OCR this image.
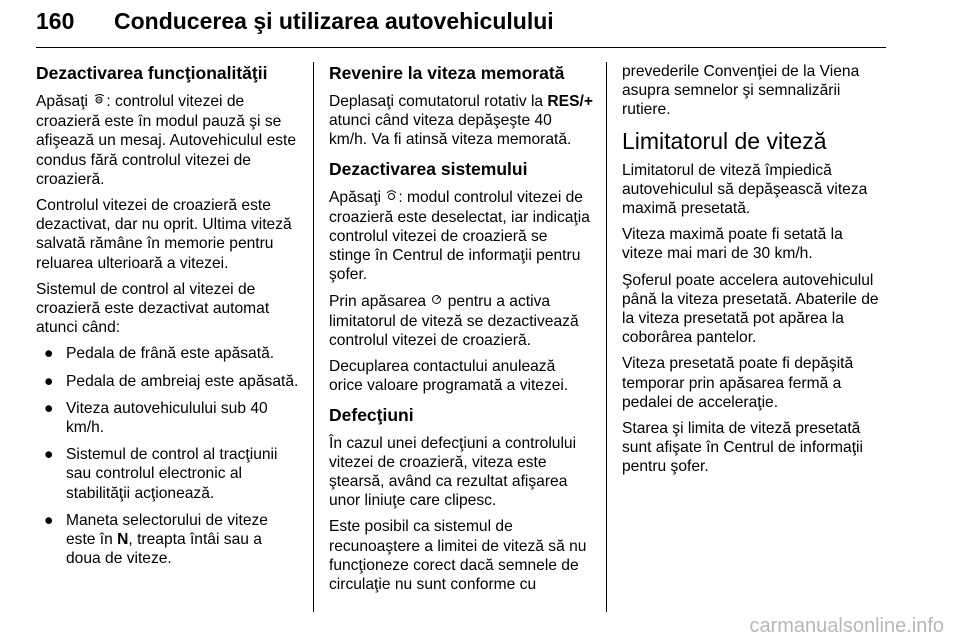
160 Conducerea şi utilizarea autovehiculului
Dezactivarea funcţionalităţii

Apăsaţi : controlul vitezei de croazieră este în modul pauză şi se afişează un mesaj. Autovehiculul este condus fără controlul vitezei de croazieră.

Controlul vitezei de croazieră este dezactivat, dar nu oprit. Ultima viteză salvată rămâne în memorie pentru reluarea ulterioară a vitezei.

Sistemul de control al vitezei de croazieră este dezactivat automat atunci când:

● Pedala de frână este apăsată.
● Pedala de ambreiaj este apăsată.
● Viteza autovehiculului sub 40 km/h.
● Sistemul de control al tracţiunii sau controlul electronic al stabilităţii acţionează.
● Maneta selectorului de viteze este în N, treapta întâi sau a doua de viteze.
Revenire la viteza memorată

Deplasaţi comutatorul rotativ la RES/+ atunci când viteza depăşeşte 40 km/h. Va fi atinsă viteza memorată.

Dezactivarea sistemului

Apăsaţi : modul controlul vitezei de croazieră este deselectat, iar indicaţia controlul vitezei de croazieră se stinge în Centrul de informaţii pentru şofer.

Prin apăsarea  pentru a activa limitatorul de viteză se dezactivează controlul vitezei de croazieră.

Decuplarea contactului anulează orice valoare programată a vitezei.

Defecţiuni

În cazul unei defecţiuni a controlului vitezei de croazieră, viteza este ştearsă, având ca rezultat afişarea unor liniuţe care clipesc.

Este posibil ca sistemul de recunoaştere a limitei de viteză să nu funcţioneze corect dacă semnele de circulaţie nu sunt conforme cu

prevederile Convenţiei de la Viena asupra semnelor şi semnalizării rutiere.

Limitatorul de viteză

Limitatorul de viteză împiedică autovehiculul să depăşească viteza maximă presetată.

Viteza maximă poate fi setată la viteze mai mari de 30 km/h.

Şoferul poate accelera autovehiculul până la viteza presetată. Abaterile de la viteza presetată pot apărea la coborârea pantelor.

Viteza presetată poate fi depăşită temporar prin apăsarea fermă a pedalei de acceleraţie.

Starea şi limita de viteză presetată sunt afişate în Centrul de informaţii pentru şofer.

carmanualsonline.info
